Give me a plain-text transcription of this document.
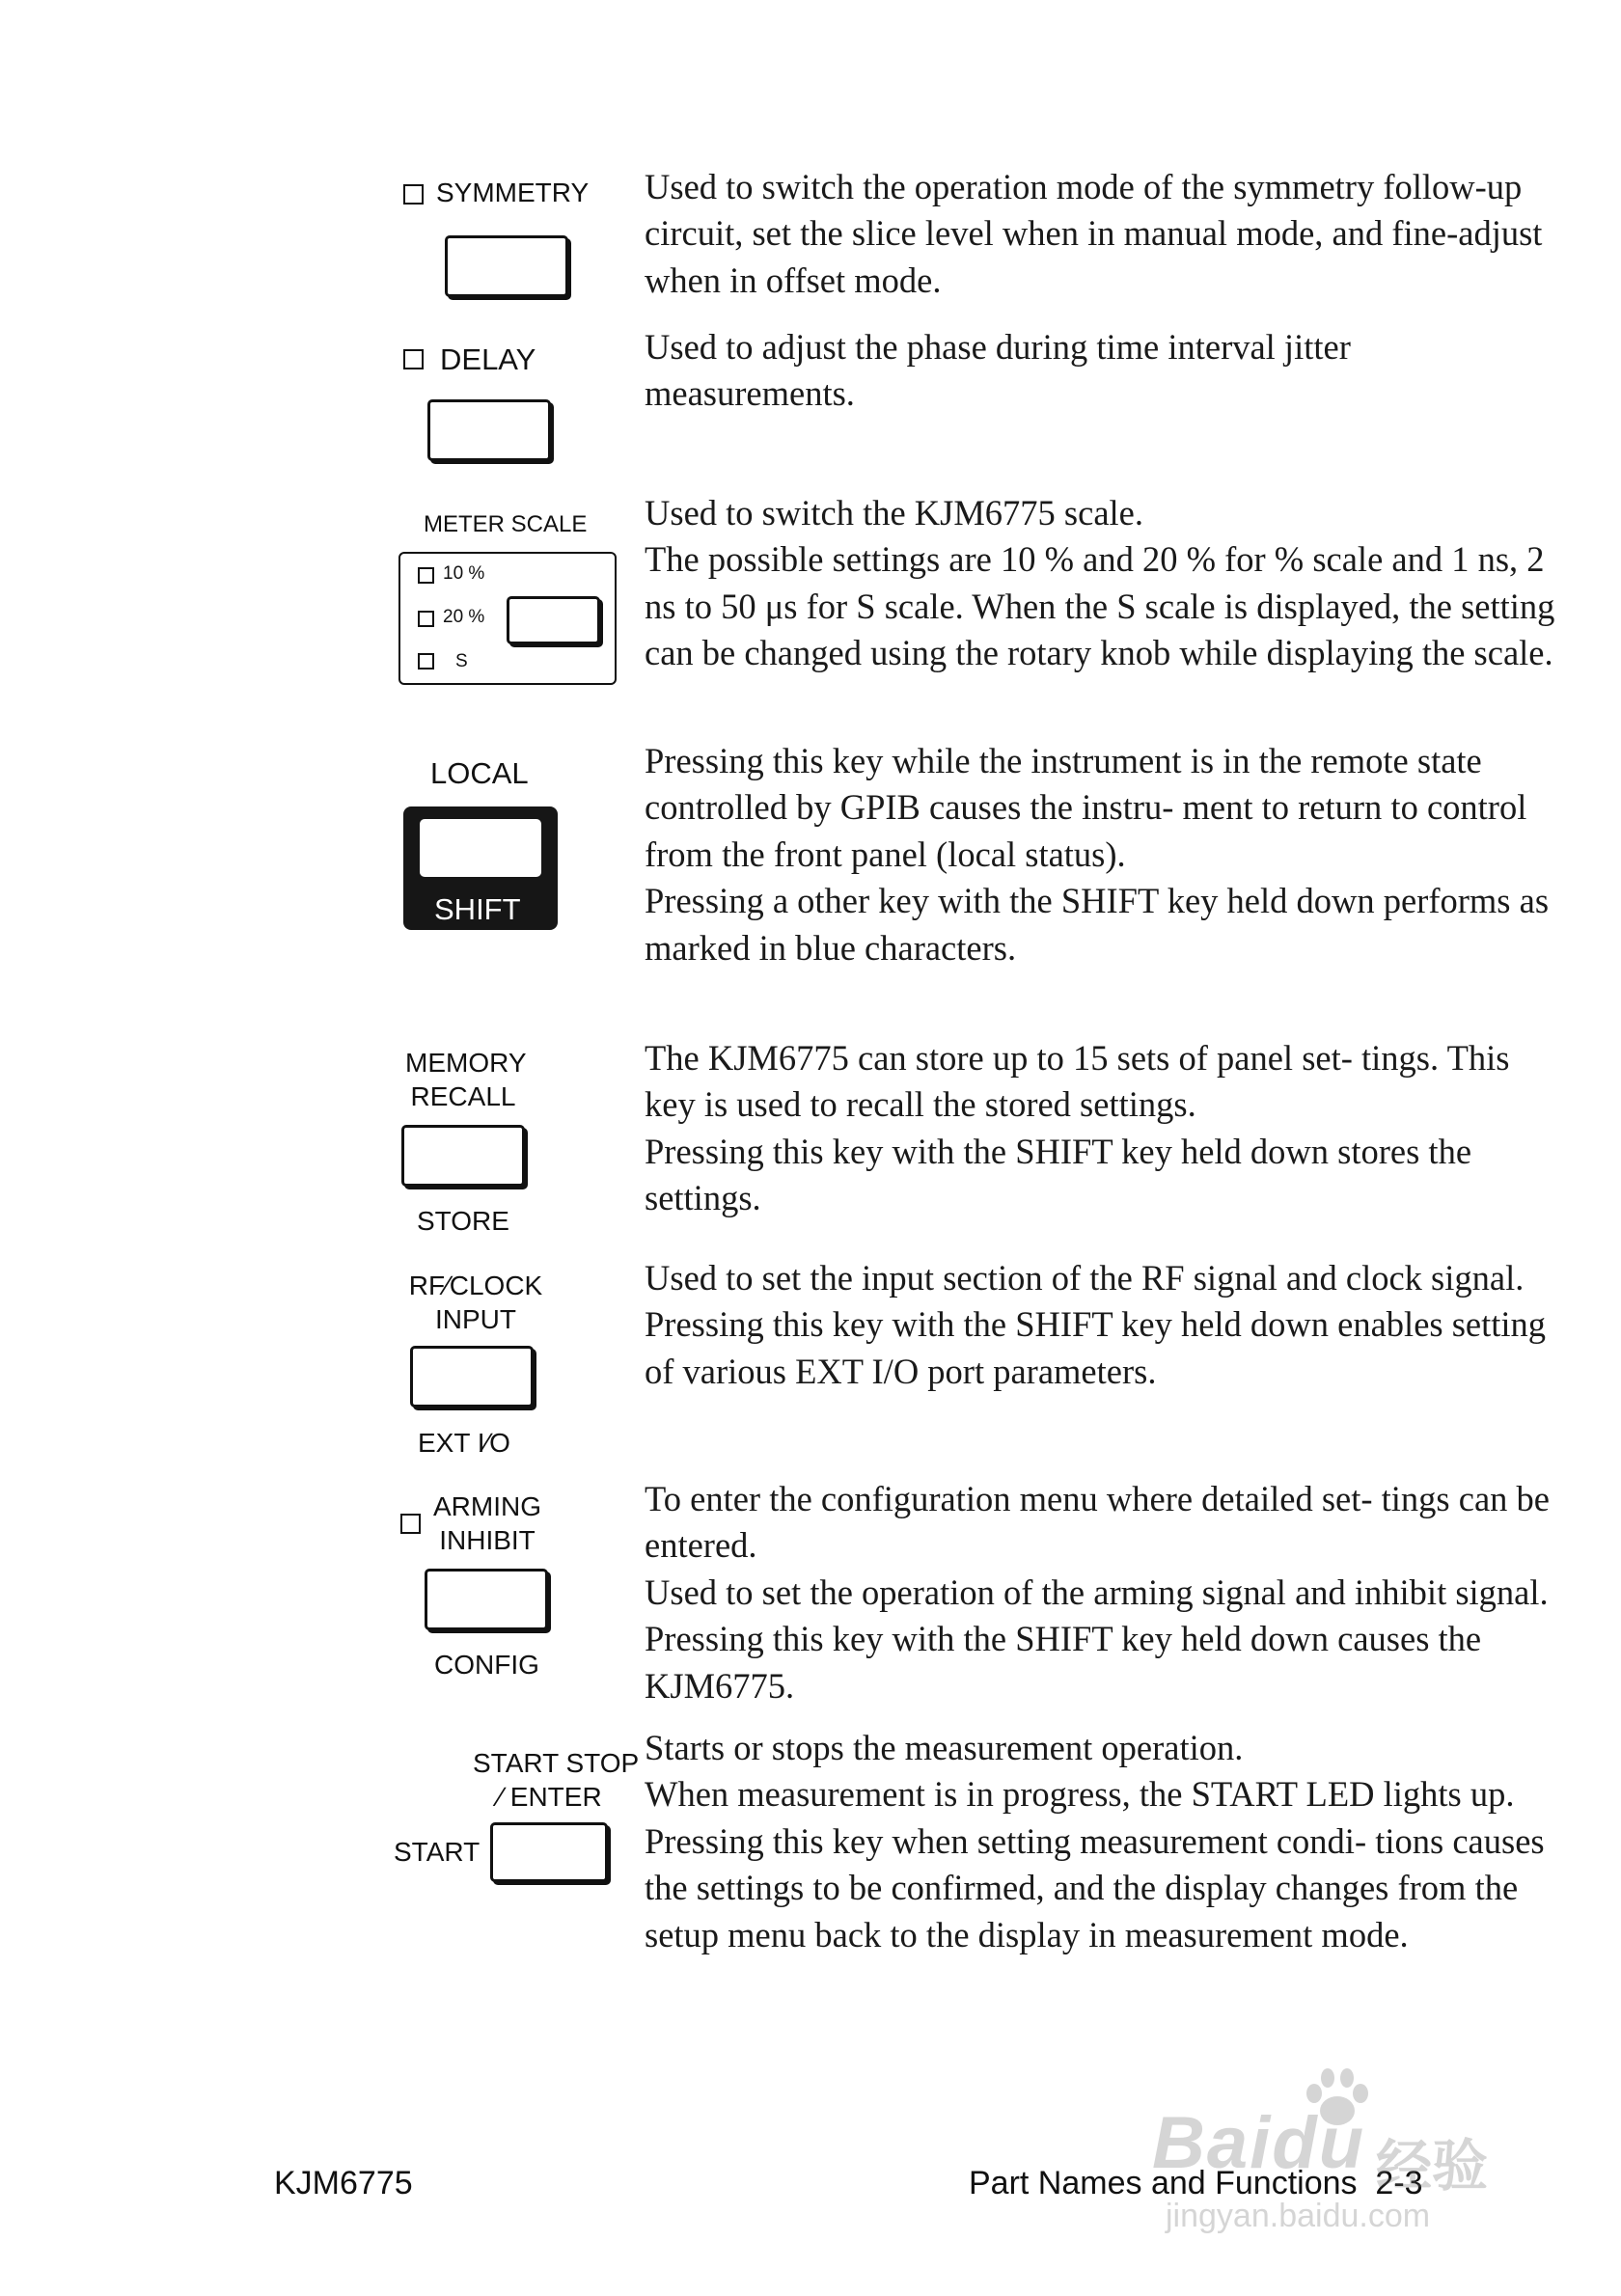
SYMMETRY Used to switch the operation mode of the symmetry follow-up circuit, set the slice level when in manual mode, and fine-adjust when in offset mode.

DELAY	Used to adjust the phase during time interval jitter measurements.

METER SCALE
10 %
20 %
S

Used to switch the KJM6775 scale.

The possible settings are 10 % and 20 % for % scale and 1 ns, 2 ns to 50 μs for S scale. When the S scale is displayed, the setting can be changed using the rotary knob while displaying the scale.

LOCAL
SHIFT

Pressing this key while the instrument is in the remote state controlled by GPIB causes the instru- ment to return to control from the front panel (local status).

Pressing a other key with the SHIFT key held down performs as marked in blue characters.

MEMORY
RECALL
STORE

The KJM6775 can store up to 15 sets of panel set- tings. This key is used to recall the stored settings.

Pressing this key with the SHIFT key held down stores the settings.

RF∕CLOCK
INPUT
EXT I∕O

Used to set the input section of the RF signal and clock signal.

Pressing this key with the SHIFT key held down enables setting of various EXT I/O port parameters.

ARMING
INHIBIT
CONFIG

To enter the configuration menu where detailed set- tings can be entered.

Used to set the operation of the arming signal and inhibit signal. Pressing this key with the SHIFT key held down causes the KJM6775.

START STOP
∕ ENTER
START

Starts or stops the measurement operation.

When measurement is in progress, the START LED lights up.

Pressing this key when setting measurement condi- tions causes the settings to be confirmed, and the display changes from the setup menu back to the display in measurement mode.

KJM6775	Part Names and Functions  2-3
Baidu 经验
jingyan.baidu.com
